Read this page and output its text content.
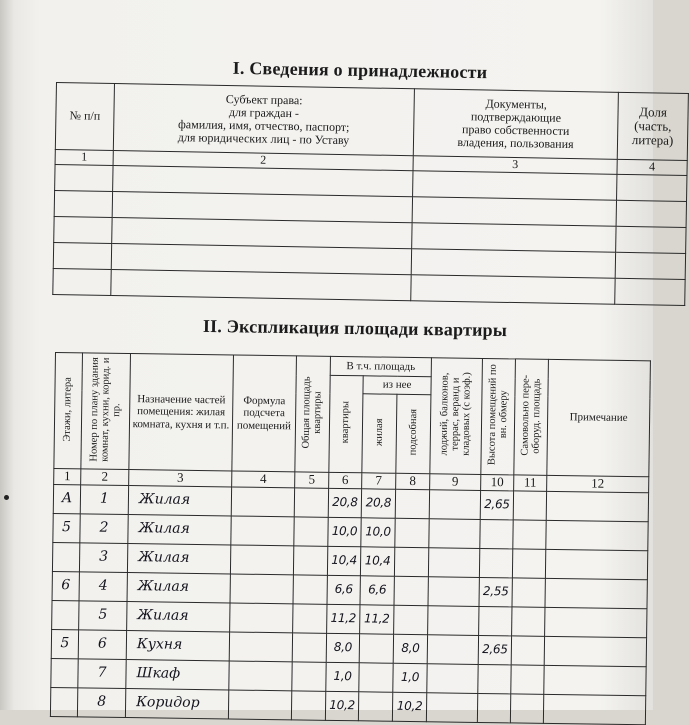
I. Сведения о принадлежности
№ п/п	Субъект права:
для граждан -
фамилия, имя, отчество, паспорт;
для юридических лиц - по Уставу	Документы,
подтверждающие
право собственности
владения, пользования	Доля
(часть,
литера)
1	2	3	4

II. Экспликация площади квартиры
Этажи, литера	Номер по плану здания комнат, кухни, корид. и пр.	Назначение частей помещения: жилая комната, кухня и т.п.	Формула подсчета помещений	Общая площадь квартиры	В т.ч. площадь			лоджий, балконов, террас, веранд и кладовых (с коэф.)	Высота помещений по вн. обмеру	Самовольно пере- оборуд. площадь	Примечание
					квартиры	из нее					
						жилая	подсобная				
1	2	3	4	5	6	7	8	9	10	11	12
А	1	Жилая			20,8	20,8			2,65		
5	2	Жилая			10,0	10,0					
	3	Жилая			10,4	10,4					
6	4	Жилая			6,6	6,6			2,55		
	5	Жилая			11,2	11,2					
5	6	Кухня			8,0		8,0		2,65		
	7	Шкаф			1,0		1,0				
	8	Коридор			10,2		10,2				
